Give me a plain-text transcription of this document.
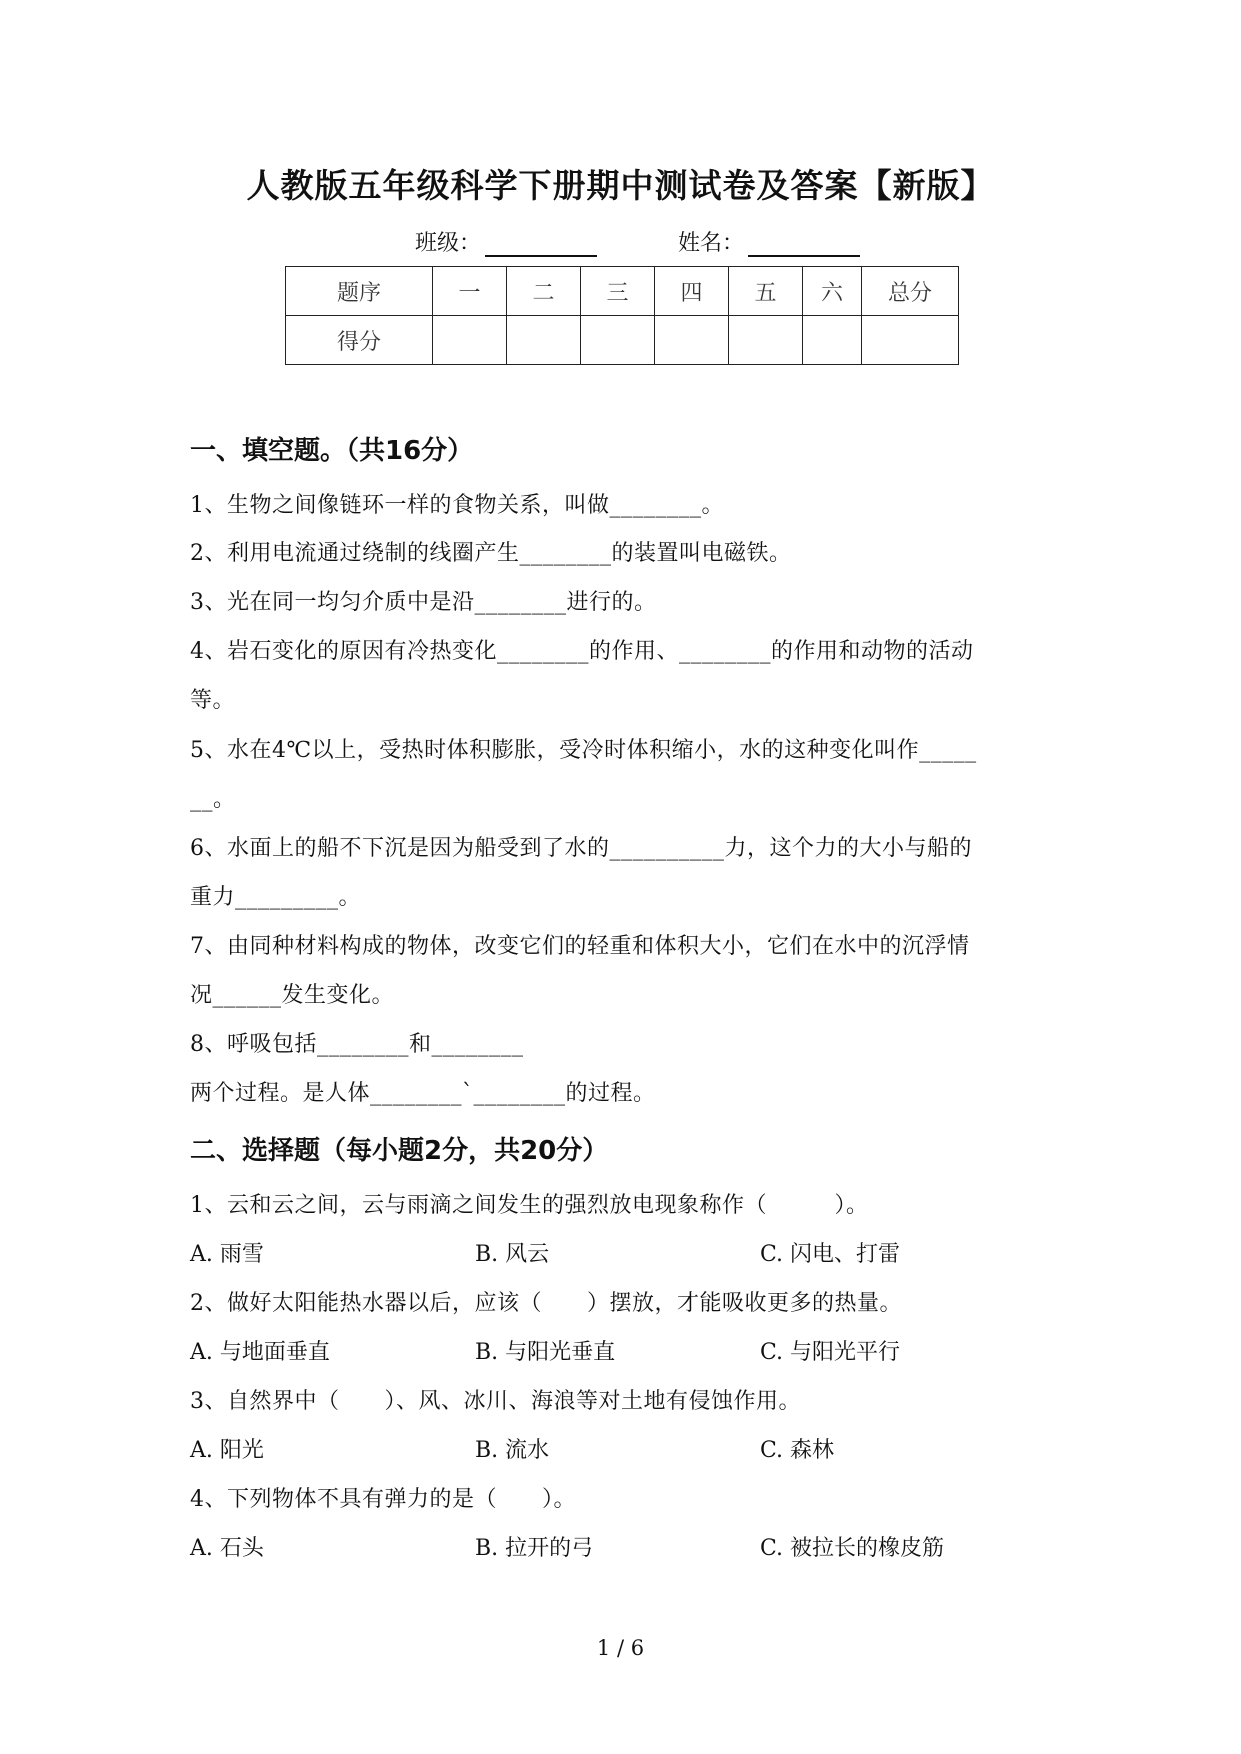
人教版五年级科学下册期中测试卷及答案【新版】
班级：	姓名：
题序	一	二	三	四	五	六	总分
得分							
一、填空题。（共16分）
1、生物之间像链环一样的食物关系，叫做________。
2、利用电流通过绕制的线圈产生________的装置叫电磁铁。
3、光在同一均匀介质中是沿________进行的。
4、岩石变化的原因有冷热变化________的作用、________的作用和动物的活动
等。
5、水在4℃以上，受热时体积膨胀，受冷时体积缩小，水的这种变化叫作_____
__。
6、水面上的船不下沉是因为船受到了水的__________力，这个力的大小与船的
重力_________。
7、由同种材料构成的物体，改变它们的轻重和体积大小，它们在水中的沉浮情
况______发生变化。
8、呼吸包括________和________
两个过程。是人体________`________的过程。
二、选择题（每小题2分，共20分）
1、云和云之间，云与雨滴之间发生的强烈放电现象称作（　　　）。
A. 雨雪	B. 风云	C. 闪电、打雷
2、做好太阳能热水器以后，应该（　　）摆放，才能吸收更多的热量。
A. 与地面垂直	B. 与阳光垂直	C. 与阳光平行
3、自然界中（　　）、风、冰川、海浪等对土地有侵蚀作用。
A. 阳光	B. 流水	C. 森林
4、下列物体不具有弹力的是（　　）。
A. 石头	B. 拉开的弓	C. 被拉长的橡皮筋
1 / 6
